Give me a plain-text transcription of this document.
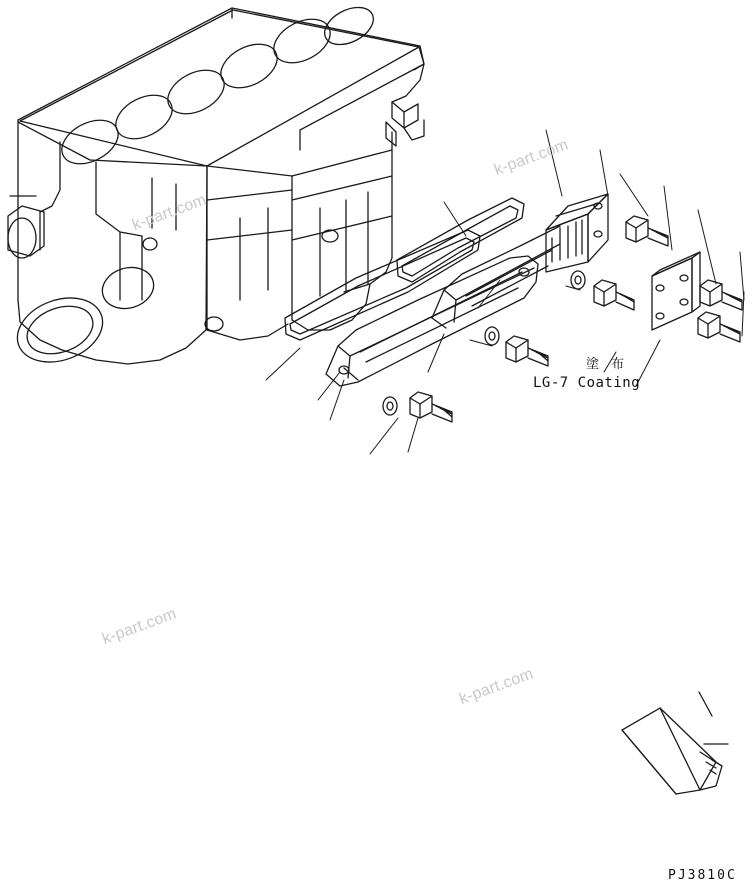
k-part.com
k-part.com
k-part.com
k-part.com
塗 布
LG-7 Coating
PJ3810C
